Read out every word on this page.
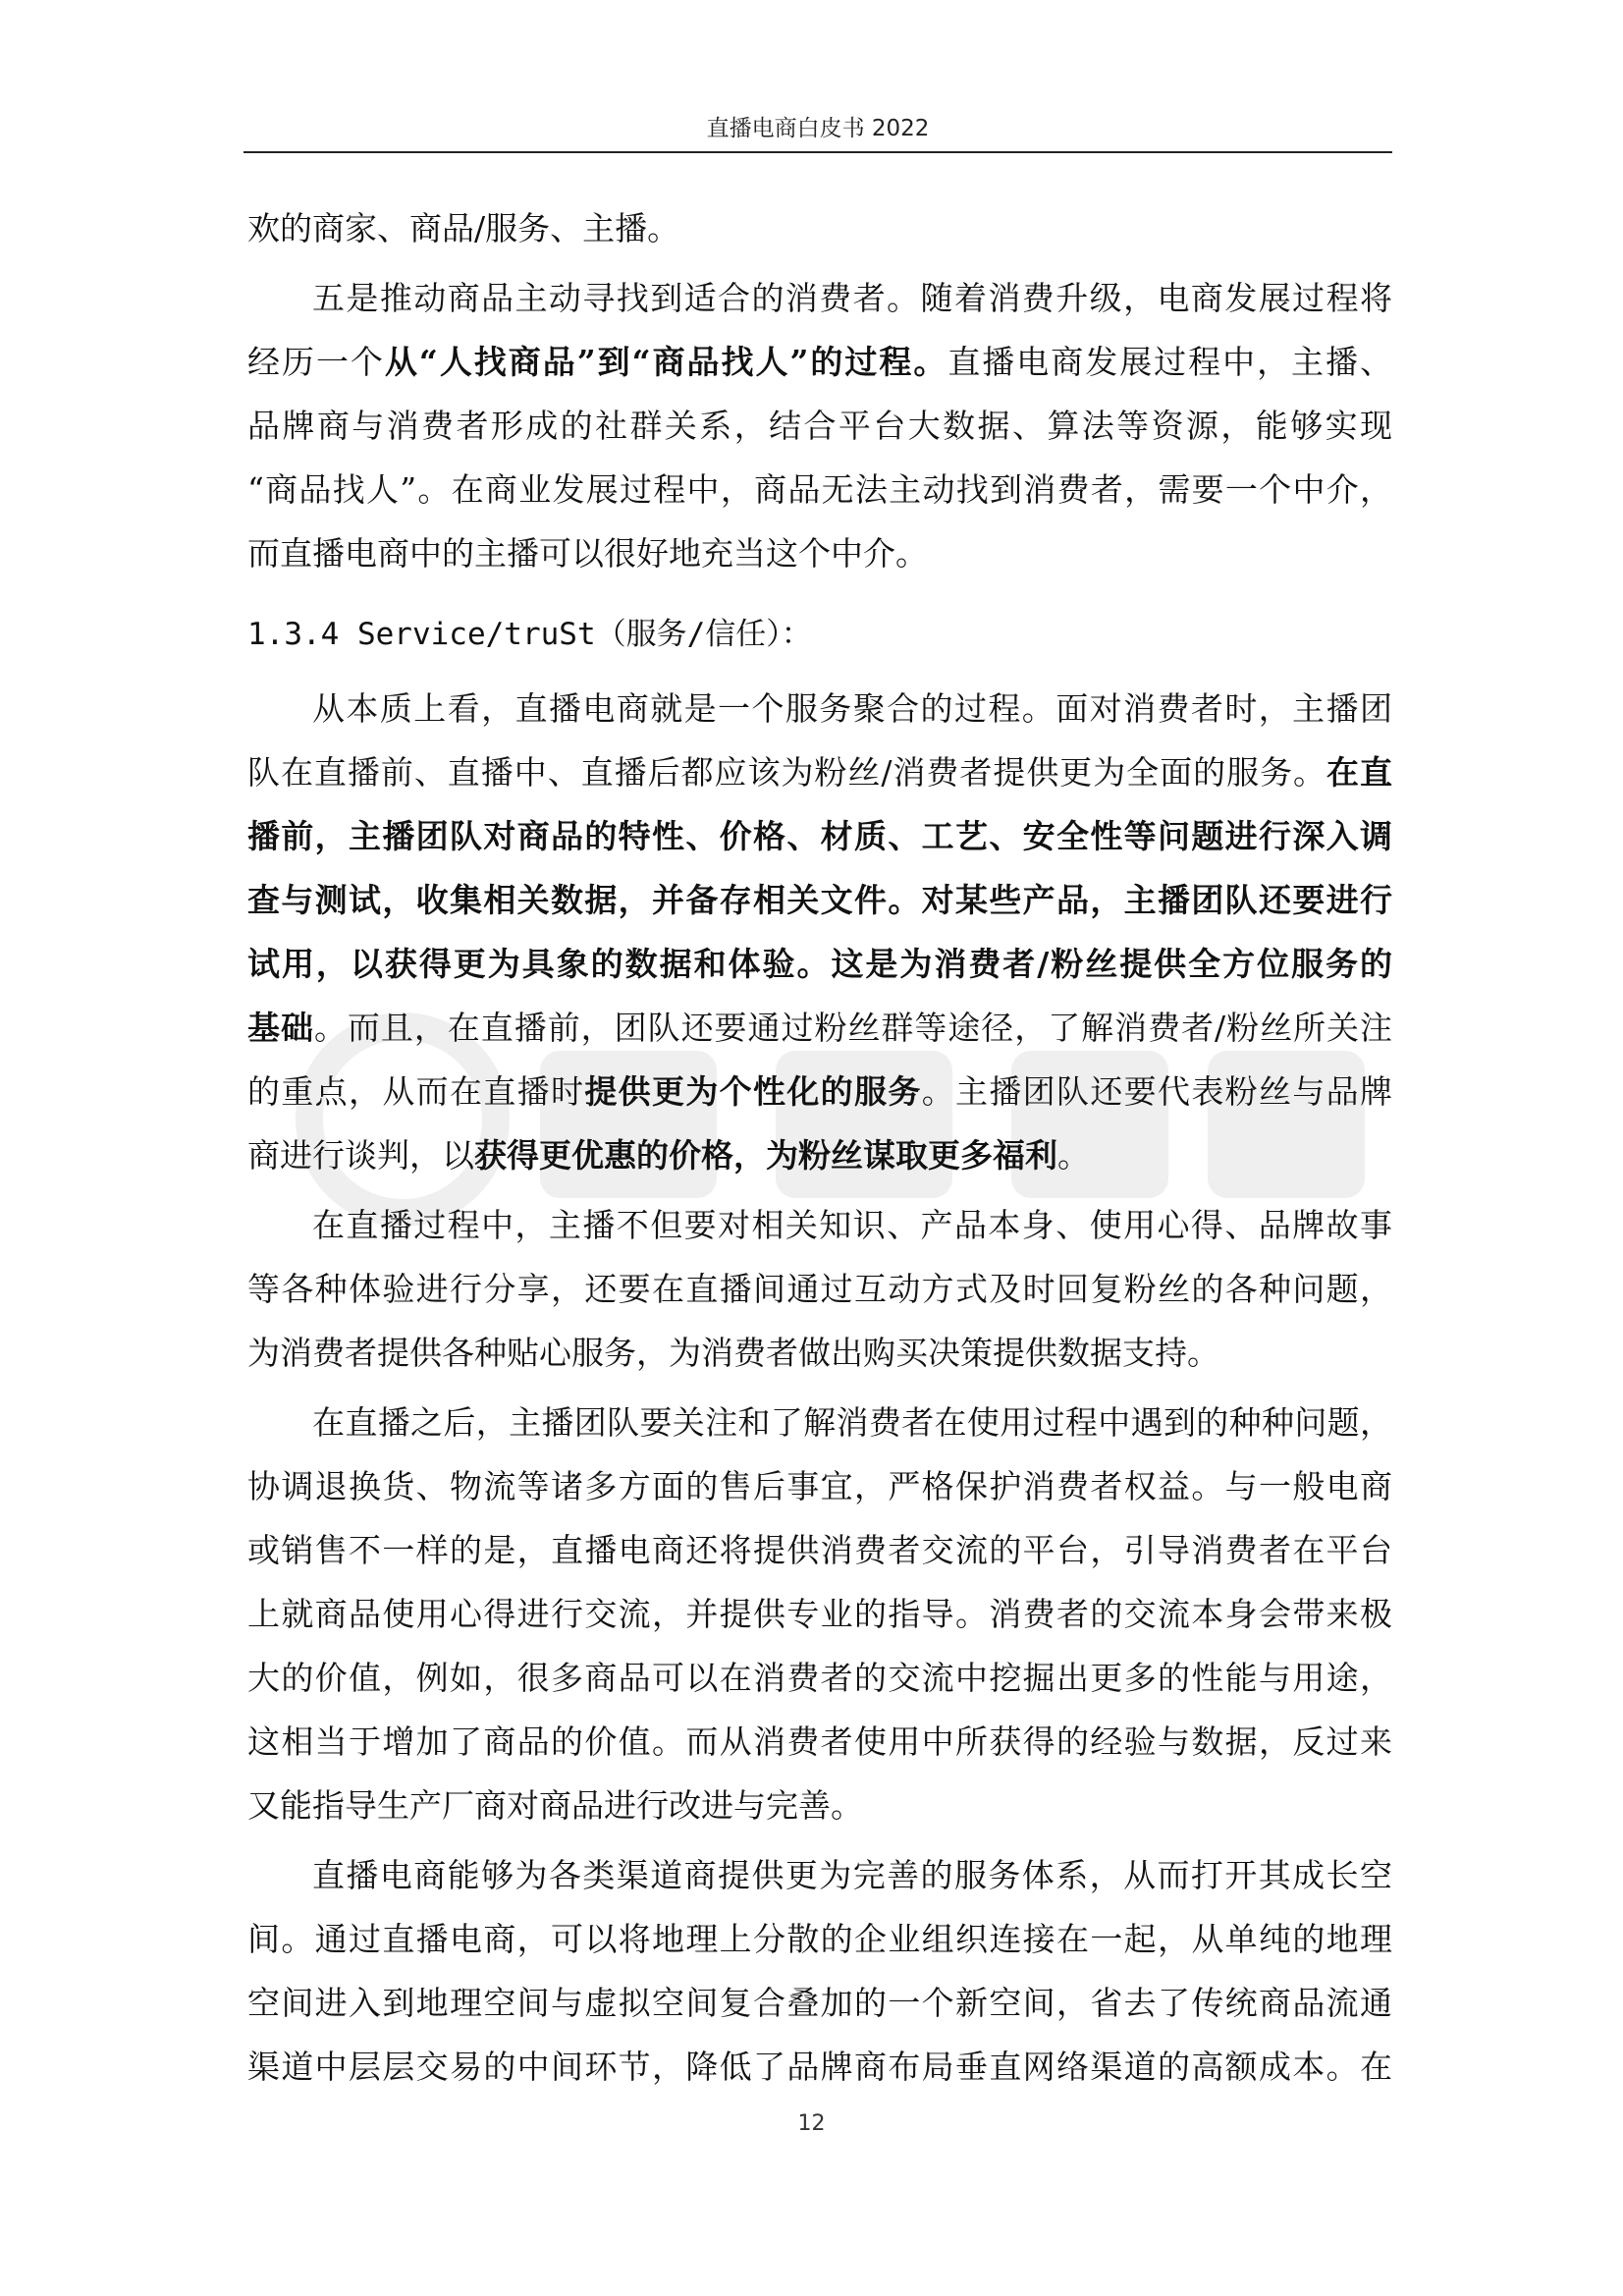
直播电商白皮书 2022
欢的商家、商品/服务、主播。
五是推动商品主动寻找到适合的消费者。随着消费升级，电商发展过程将
经历一个从“人找商品”到“商品找人”的过程。直播电商发展过程中，主播、
品牌商与消费者形成的社群关系，结合平台大数据、算法等资源，能够实现
“商品找人”。在商业发展过程中，商品无法主动找到消费者，需要一个中介，
而直播电商中的主播可以很好地充当这个中介。
1.3.4 Service/truSt（服务/信任）：
从本质上看，直播电商就是一个服务聚合的过程。面对消费者时，主播团
队在直播前、直播中、直播后都应该为粉丝/消费者提供更为全面的服务。在直
播前，主播团队对商品的特性、价格、材质、工艺、安全性等问题进行深入调
查与测试，收集相关数据，并备存相关文件。对某些产品，主播团队还要进行
试用，以获得更为具象的数据和体验。这是为消费者/粉丝提供全方位服务的
基础。而且，在直播前，团队还要通过粉丝群等途径，了解消费者/粉丝所关注
的重点，从而在直播时提供更为个性化的服务。主播团队还要代表粉丝与品牌
商进行谈判，以获得更优惠的价格，为粉丝谋取更多福利。
在直播过程中，主播不但要对相关知识、产品本身、使用心得、品牌故事
等各种体验进行分享，还要在直播间通过互动方式及时回复粉丝的各种问题，
为消费者提供各种贴心服务，为消费者做出购买决策提供数据支持。
在直播之后，主播团队要关注和了解消费者在使用过程中遇到的种种问题，
协调退换货、物流等诸多方面的售后事宜，严格保护消费者权益。与一般电商
或销售不一样的是，直播电商还将提供消费者交流的平台，引导消费者在平台
上就商品使用心得进行交流，并提供专业的指导。消费者的交流本身会带来极
大的价值，例如，很多商品可以在消费者的交流中挖掘出更多的性能与用途，
这相当于增加了商品的价值。而从消费者使用中所获得的经验与数据，反过来
又能指导生产厂商对商品进行改进与完善。
直播电商能够为各类渠道商提供更为完善的服务体系，从而打开其成长空
间。通过直播电商，可以将地理上分散的企业组织连接在一起，从单纯的地理
空间进入到地理空间与虚拟空间复合叠加的一个新空间，省去了传统商品流通
渠道中层层交易的中间环节，降低了品牌商布局垂直网络渠道的高额成本。在
12
